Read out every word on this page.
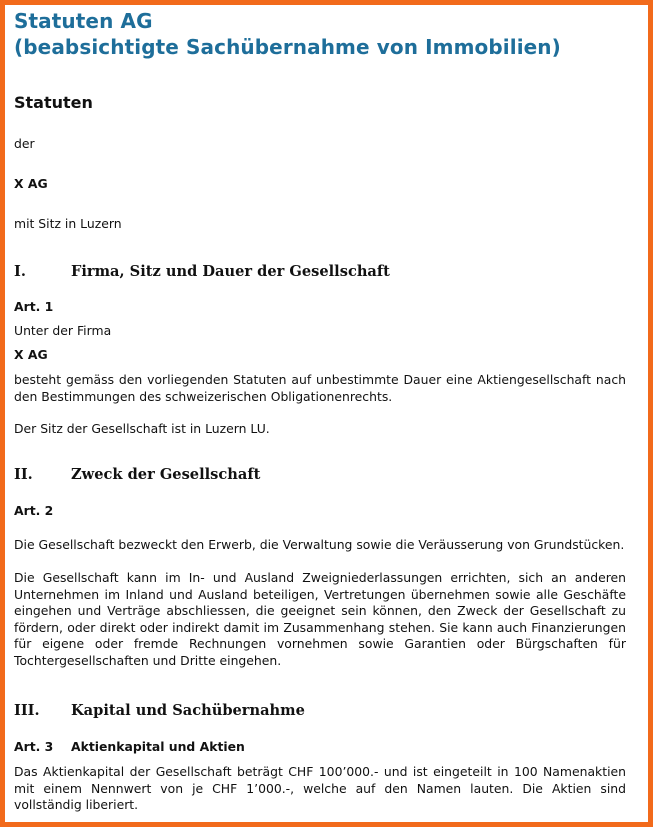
Statuten AG
(beabsichtigte Sachübernahme von Immobilien)
Statuten
der
X AG
mit Sitz in Luzern
I.	Firma, Sitz und Dauer der Gesellschaft
Art. 1
Unter der Firma
X AG
besteht gemäss den vorliegenden Statuten auf unbestimmte Dauer eine Aktiengesellschaft nach den Bestimmungen des schweizerischen Obligationenrechts.
Der Sitz der Gesellschaft ist in Luzern LU.
II.	Zweck der Gesellschaft
Art. 2
Die Gesellschaft bezweckt den Erwerb, die Verwaltung sowie die Veräusserung von Grundstücken.
Die Gesellschaft kann im In- und Ausland Zweigniederlassungen errichten, sich an anderen Unternehmen im Inland und Ausland beteiligen, Vertretungen übernehmen sowie alle Geschäfte eingehen und Verträge abschliessen, die geeignet sein können, den Zweck der Gesellschaft zu fördern, oder direkt oder indirekt damit im Zusammenhang stehen. Sie kann auch Finanzierungen für eigene oder fremde Rechnungen vornehmen sowie Garantien oder Bürgschaften für Tochtergesellschaften und Dritte eingehen.
III. Kapital und Sachübernahme
Art. 3 Aktienkapital und Aktien
Das Aktienkapital der Gesellschaft beträgt CHF 100’000.- und ist eingeteilt in 100 Namenaktien mit einem Nennwert von je CHF 1’000.-, welche auf den Namen lauten. Die Aktien sind vollständig liberiert.
